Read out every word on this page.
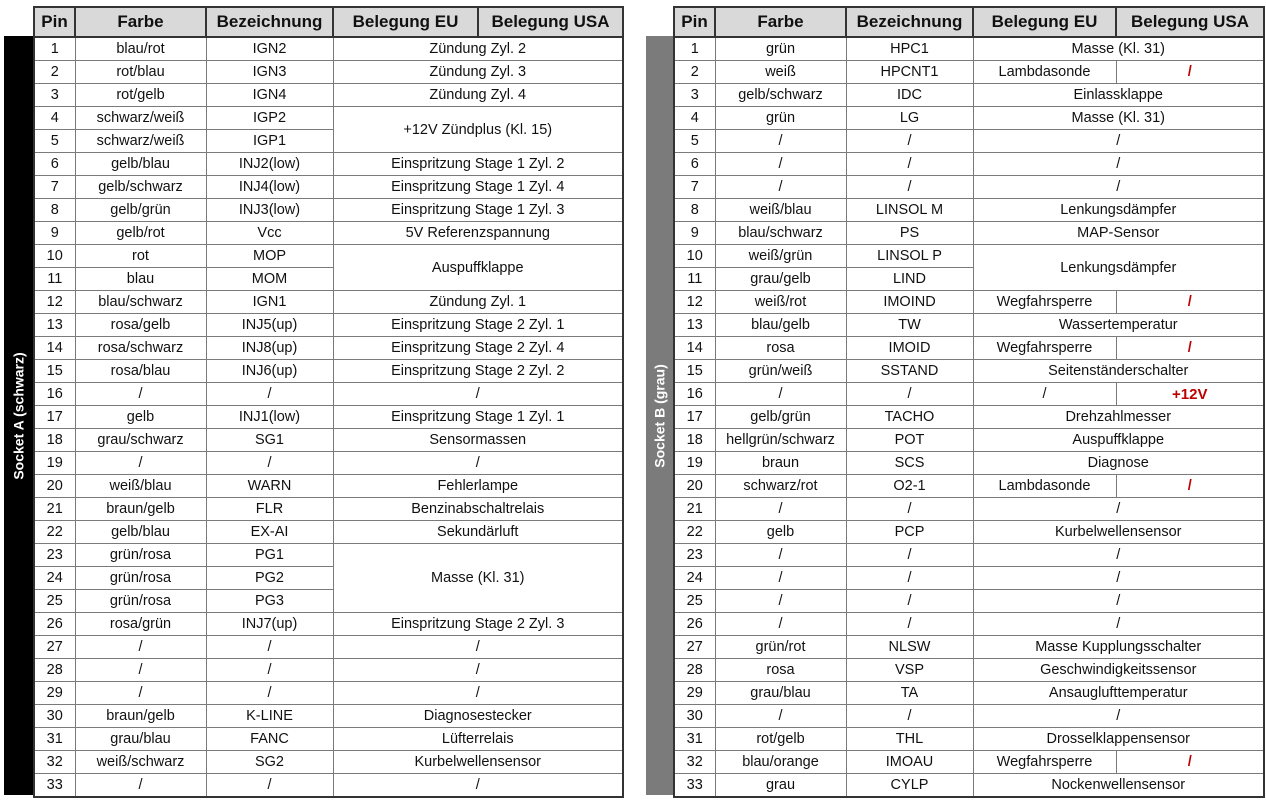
Socket A (schwarz)	Socket B (grau)
Pin	Farbe	Bezeichnung	Belegung EU	Belegung USA
1	blau/rot	IGN2	Zündung Zyl. 2	
2	rot/blau	IGN3	Zündung Zyl. 3	
3	rot/gelb	IGN4	Zündung Zyl. 4	
4	schwarz/weiß	IGP2	+12V Zündplus (Kl. 15)	
5	schwarz/weiß	IGP1		
6	gelb/blau	INJ2(low)	Einspritzung Stage 1 Zyl. 2	
7	gelb/schwarz	INJ4(low)	Einspritzung Stage 1 Zyl. 4	
8	gelb/grün	INJ3(low)	Einspritzung Stage 1 Zyl. 3	
9	gelb/rot	Vcc	5V Referenzspannung	
10	rot	MOP	Auspuffklappe	
11	blau	MOM		
12	blau/schwarz	IGN1	Zündung Zyl. 1	
13	rosa/gelb	INJ5(up)	Einspritzung Stage 2 Zyl. 1	
14	rosa/schwarz	INJ8(up)	Einspritzung Stage 2 Zyl. 4	
15	rosa/blau	INJ6(up)	Einspritzung Stage 2 Zyl. 2	
16	/	/	/	
17	gelb	INJ1(low)	Einspritzung Stage 1 Zyl. 1	
18	grau/schwarz	SG1	Sensormassen	
19	/	/	/	
20	weiß/blau	WARN	Fehlerlampe	
21	braun/gelb	FLR	Benzinabschaltrelais	
22	gelb/blau	EX-AI	Sekundärluft	
23	grün/rosa	PG1	Masse (Kl. 31)	
24	grün/rosa	PG2		
25	grün/rosa	PG3		
26	rosa/grün	INJ7(up)	Einspritzung Stage 2 Zyl. 3	
27	/	/	/	
28	/	/	/	
29	/	/	/	
30	braun/gelb	K-LINE	Diagnosestecker	
31	grau/blau	FANC	Lüfterrelais	
32	weiß/schwarz	SG2	Kurbelwellensensor	
33	/	/	/	
Pin	Farbe	Bezeichnung	Belegung EU	Belegung USA
1	grün	HPC1	Masse (Kl. 31)	
2	weiß	HPCNT1	Lambdasonde	/
3	gelb/schwarz	IDC	Einlassklappe	
4	grün	LG	Masse (Kl. 31)	
5	/	/	/	
6	/	/	/	
7	/	/	/	
8	weiß/blau	LINSOL M	Lenkungsdämpfer	
9	blau/schwarz	PS	MAP-Sensor	
10	weiß/grün	LINSOL P	Lenkungsdämpfer	
11	grau/gelb	LIND		
12	weiß/rot	IMOIND	Wegfahrsperre	/
13	blau/gelb	TW	Wassertemperatur	
14	rosa	IMOID	Wegfahrsperre	/
15	grün/weiß	SSTAND	Seitenständerschalter	
16	/	/	/	+12V
17	gelb/grün	TACHO	Drehzahlmesser	
18	hellgrün/schwarz	POT	Auspuffklappe	
19	braun	SCS	Diagnose	
20	schwarz/rot	O2-1	Lambdasonde	/
21	/	/	/	
22	gelb	PCP	Kurbelwellensensor	
23	/	/	/	
24	/	/	/	
25	/	/	/	
26	/	/	/	
27	grün/rot	NLSW	Masse Kupplungsschalter	
28	rosa	VSP	Geschwindigkeitssensor	
29	grau/blau	TA	Ansauglufttemperatur	
30	/	/	/	
31	rot/gelb	THL	Drosselklappensensor	
32	blau/orange	IMOAU	Wegfahrsperre	/
33	grau	CYLP	Nockenwellensensor	
